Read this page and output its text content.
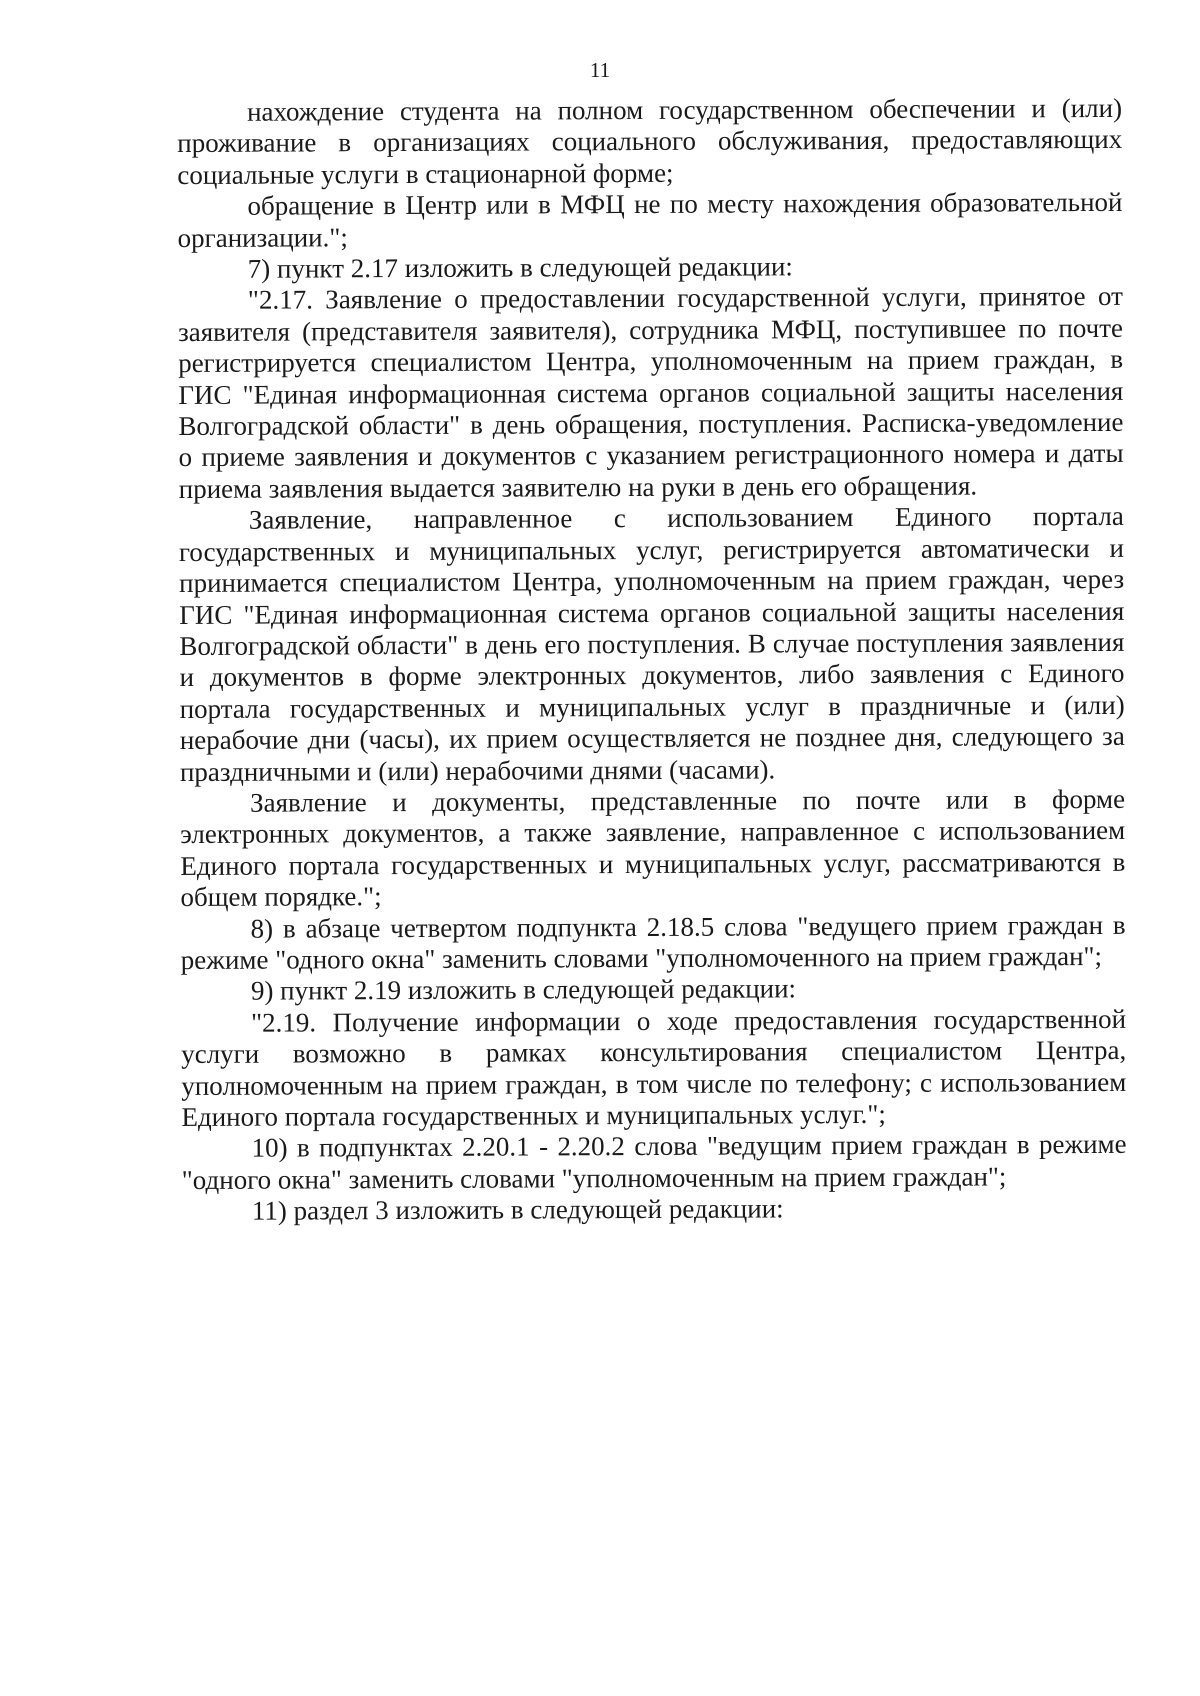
11

нахождение студента на полном государственном обеспечении и (или) проживание в организациях социального обслуживания, предоставляющих социальные услуги в стационарной форме;

обращение в Центр или в МФЦ не по месту нахождения образовательной организации.";

7) пункт 2.17 изложить в следующей редакции:

"2.17. Заявление о предоставлении государственной услуги, принятое от заявителя (представителя заявителя), сотрудника МФЦ, поступившее по почте регистрируется специалистом Центра, уполномоченным на прием граждан, в ГИС "Единая информационная система органов социальной защиты населения Волгоградской области" в день обращения, поступления. Расписка-уведомление о приеме заявления и документов с указанием регистрационного номера и даты приема заявления выдается заявителю на руки в день его обращения.

Заявление, направленное с использованием Единого портала государственных и муниципальных услуг, регистрируется автоматически и принимается специалистом Центра, уполномоченным на прием граждан, через ГИС "Единая информационная система органов социальной защиты населения Волгоградской области" в день его поступления. В случае поступления заявления и документов в форме электронных документов, либо заявления с Единого портала государственных и муниципальных услуг в праздничные и (или) нерабочие дни (часы), их прием осуществляется не позднее дня, следующего за праздничными и (или) нерабочими днями (часами).

Заявление и документы, представленные по почте или в форме электронных документов, а также заявление, направленное с использованием Единого портала государственных и муниципальных услуг, рассматриваются в общем порядке.";

8) в абзаце четвертом подпункта 2.18.5 слова "ведущего прием граждан в режиме "одного окна" заменить словами "уполномоченного на прием граждан";

9) пункт 2.19 изложить в следующей редакции:

"2.19. Получение информации о ходе предоставления государственной услуги возможно в рамках консультирования специалистом Центра, уполномоченным на прием граждан, в том числе по телефону; с использованием Единого портала государственных и муниципальных услуг.";

10) в подпунктах 2.20.1 - 2.20.2 слова "ведущим прием граждан в режиме "одного окна" заменить словами "уполномоченным на прием граждан";

11) раздел 3 изложить в следующей редакции:
